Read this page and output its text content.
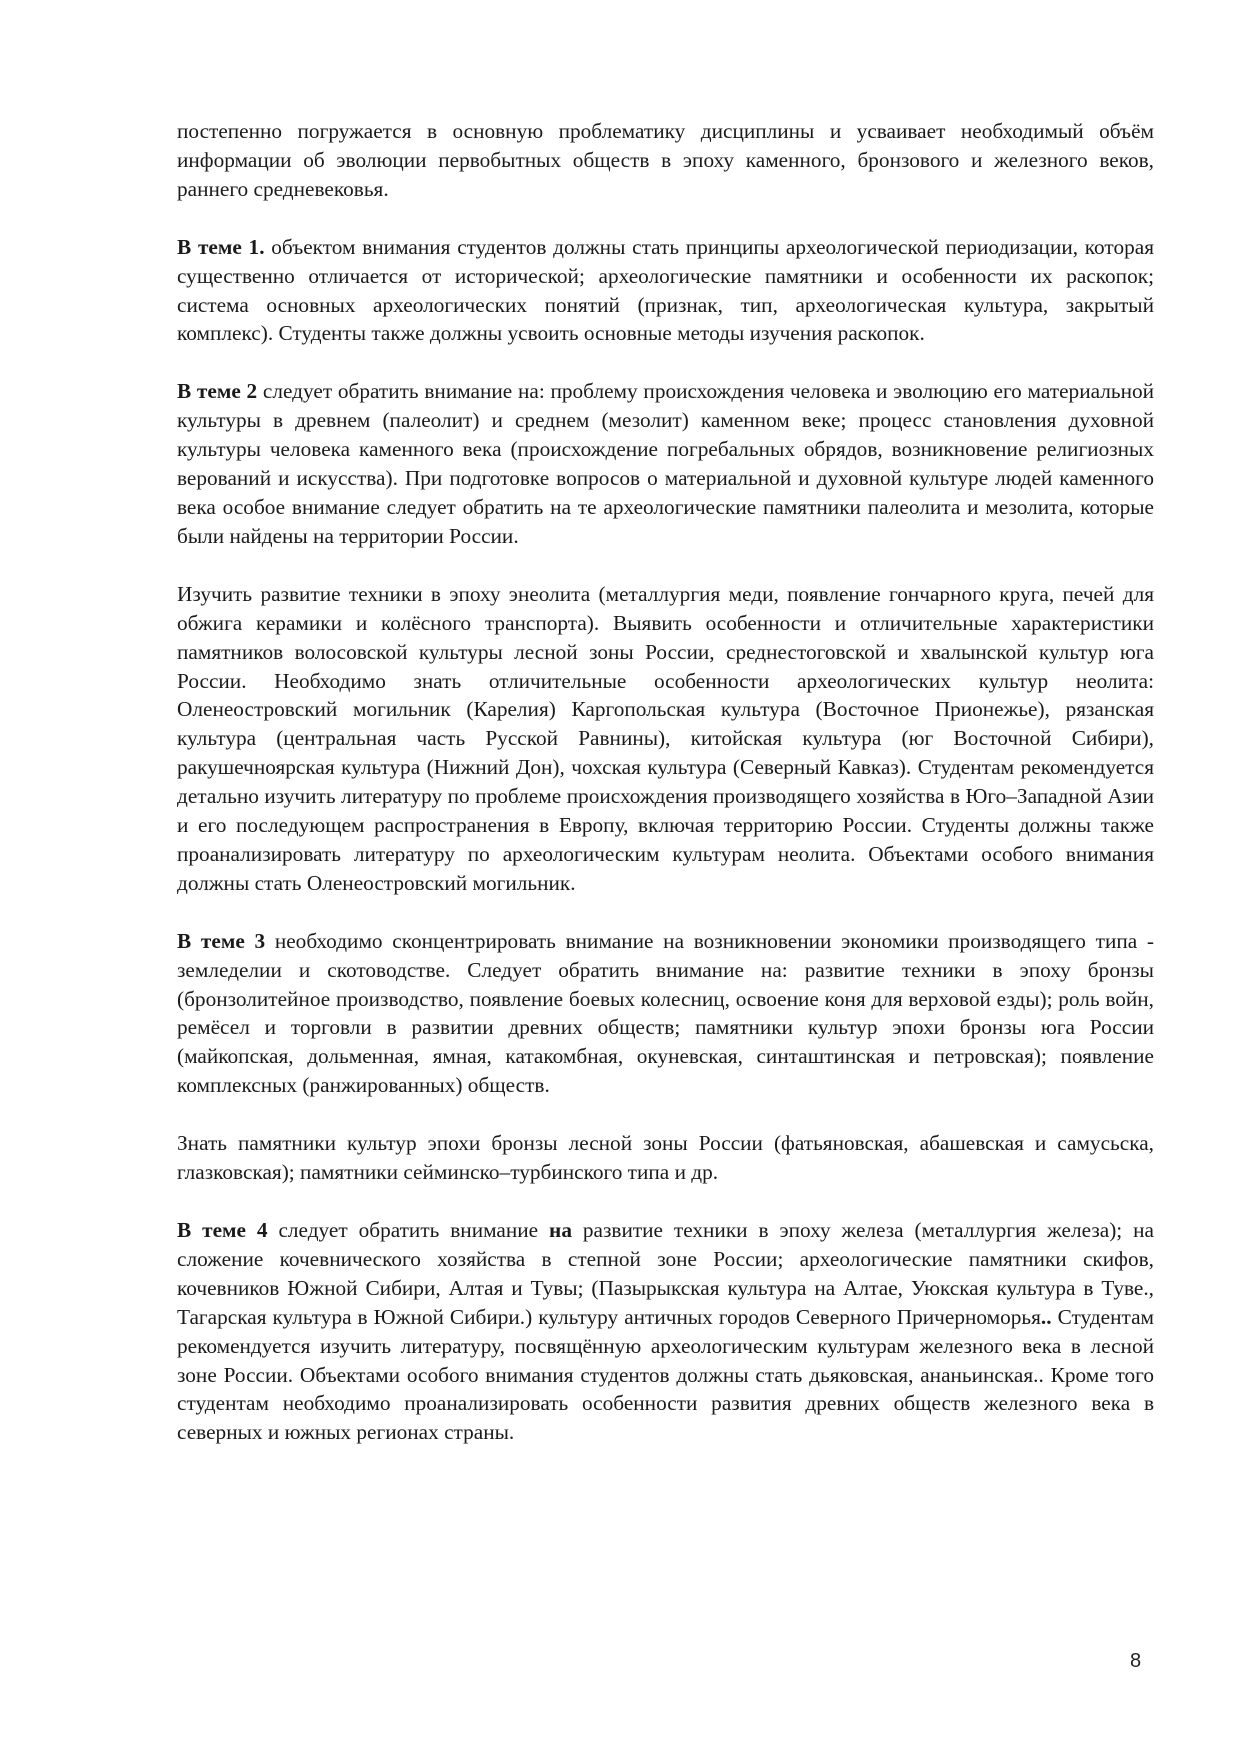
постепенно погружается в основную проблематику дисциплины и усваивает необходимый объём информации об эволюции первобытных обществ в эпоху каменного, бронзового и железного веков, раннего средневековья.

В теме 1. объектом внимания студентов должны стать принципы археологической периодизации, которая существенно отличается от исторической; археологические памятники и особенности их раскопок; система основных археологических понятий (признак, тип, археологическая культура, закрытый комплекс). Студенты также должны усвоить основные методы изучения раскопок.

В теме 2 следует обратить внимание на: проблему происхождения человека и эволюцию его материальной культуры в древнем (палеолит) и среднем (мезолит) каменном веке; процесс становления духовной культуры человека каменного века (происхождение погребальных обрядов, возникновение религиозных верований и искусства). При подготовке вопросов о материальной и духовной культуре людей каменного века особое внимание следует обратить на те археологические памятники палеолита и мезолита, которые были найдены на территории России.

Изучить развитие техники в эпоху энеолита (металлургия меди, появление гончарного круга, печей для обжига керамики и колёсного транспорта). Выявить особенности и отличительные характеристики памятников волосовской культуры лесной зоны России, среднестоговской и хвалынской культур юга России. Необходимо знать отличительные особенности археологических культур неолита: Оленеостровский могильник (Карелия) Каргопольская культура (Восточное Прионежье), рязанская культура (центральная часть Русской Равнины), китойская культура (юг Восточной Сибири), ракушечноярская культура (Нижний Дон), чохская культура (Северный Кавказ). Студентам рекомендуется детально изучить литературу по проблеме происхождения производящего хозяйства в Юго–Западной Азии и его последующем распространения в Европу, включая территорию России. Студенты должны также проанализировать литературу по археологическим культурам неолита. Объектами особого внимания должны стать Оленеостровский могильник.

В теме 3 необходимо сконцентрировать внимание на возникновении экономики производящего типа - земледелии и скотоводстве. Следует обратить внимание на: развитие техники в эпоху бронзы (бронзолитейное производство, появление боевых колесниц, освоение коня для верховой езды); роль войн, ремёсел и торговли в развитии древних обществ; памятники культур эпохи бронзы юга России (майкопская, дольменная, ямная, катакомбная, окуневская, синташтинская и петровская); появление комплексных (ранжированных) обществ.

Знать памятники культур эпохи бронзы лесной зоны России (фатьяновская, абашевская и самусьска, глазковская); памятники сейминско–турбинского типа и др.

В теме 4 следует обратить внимание на развитие техники в эпоху железа (металлургия железа); на сложение кочевнического хозяйства в степной зоне России; археологические памятники скифов, кочевников Южной Сибири, Алтая и Тувы; (Пазырыкская культура на Алтае, Уюкская культура в Туве., Тагарская культура в Южной Сибири.) культуру античных городов Северного Причерноморья.. Студентам рекомендуется изучить литературу, посвящённую археологическим культурам железного века в лесной зоне России. Объектами особого внимания студентов должны стать дьяковская, ананьинская.. Кроме того студентам необходимо проанализировать особенности развития древних обществ железного века в северных и южных регионах страны.

8
